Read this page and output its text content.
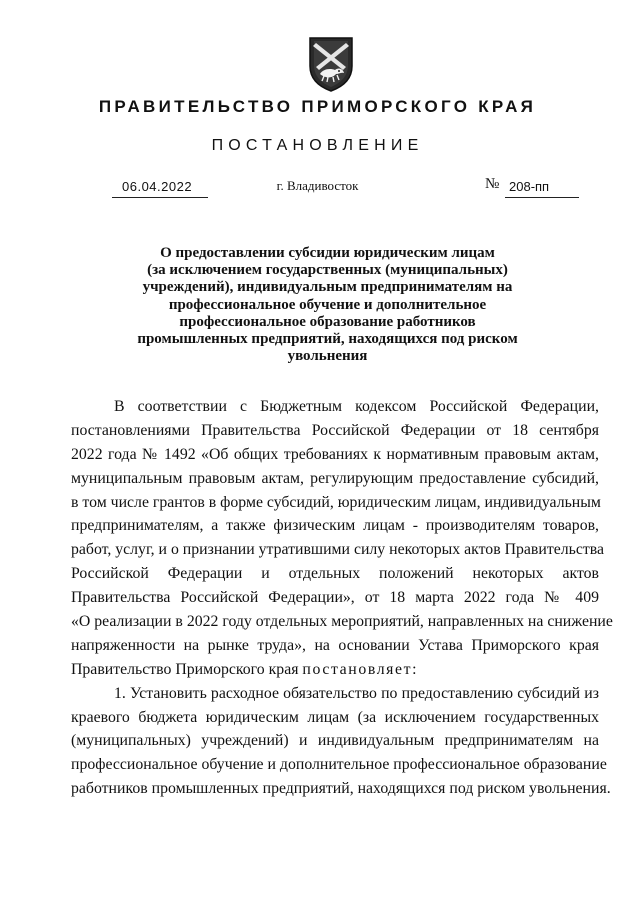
ПРАВИТЕЛЬСТВО ПРИМОРСКОГО КРАЯ
ПОСТАНОВЛЕНИЕ
06.04.2022	г. Владивосток	№ 208-пп
О предоставлении субсидии юридическим лицам
(за исключением государственных (муниципальных)
учреждений), индивидуальным предпринимателям на
профессиональное обучение и дополнительное
профессиональное образование работников
промышленных предприятий, находящихся под риском
увольнения
В соответствии с Бюджетным кодексом Российской Федерации,
постановлениями Правительства Российской Федерации от 18 сентября
2022 года № 1492 «Об общих требованиях к нормативным правовым актам,
муниципальным правовым актам, регулирующим предоставление субсидий,
в том числе грантов в форме субсидий, юридическим лицам, индивидуальным
предпринимателям, а также физическим лицам - производителям товаров,
работ, услуг, и о признании утратившими силу некоторых актов Правительства
Российской Федерации и отдельных положений некоторых актов
Правительства Российской Федерации», от 18 марта 2022 года № 409
«О реализации в 2022 году отдельных мероприятий, направленных на снижение
напряженности на рынке труда», на основании Устава Приморского края
Правительство Приморского края постановляет:
1. Установить расходное обязательство по предоставлению субсидий из
краевого бюджета юридическим лицам (за исключением государственных
(муниципальных) учреждений) и индивидуальным предпринимателям на
профессиональное обучение и дополнительное профессиональное образование
работников промышленных предприятий, находящихся под риском увольнения.
